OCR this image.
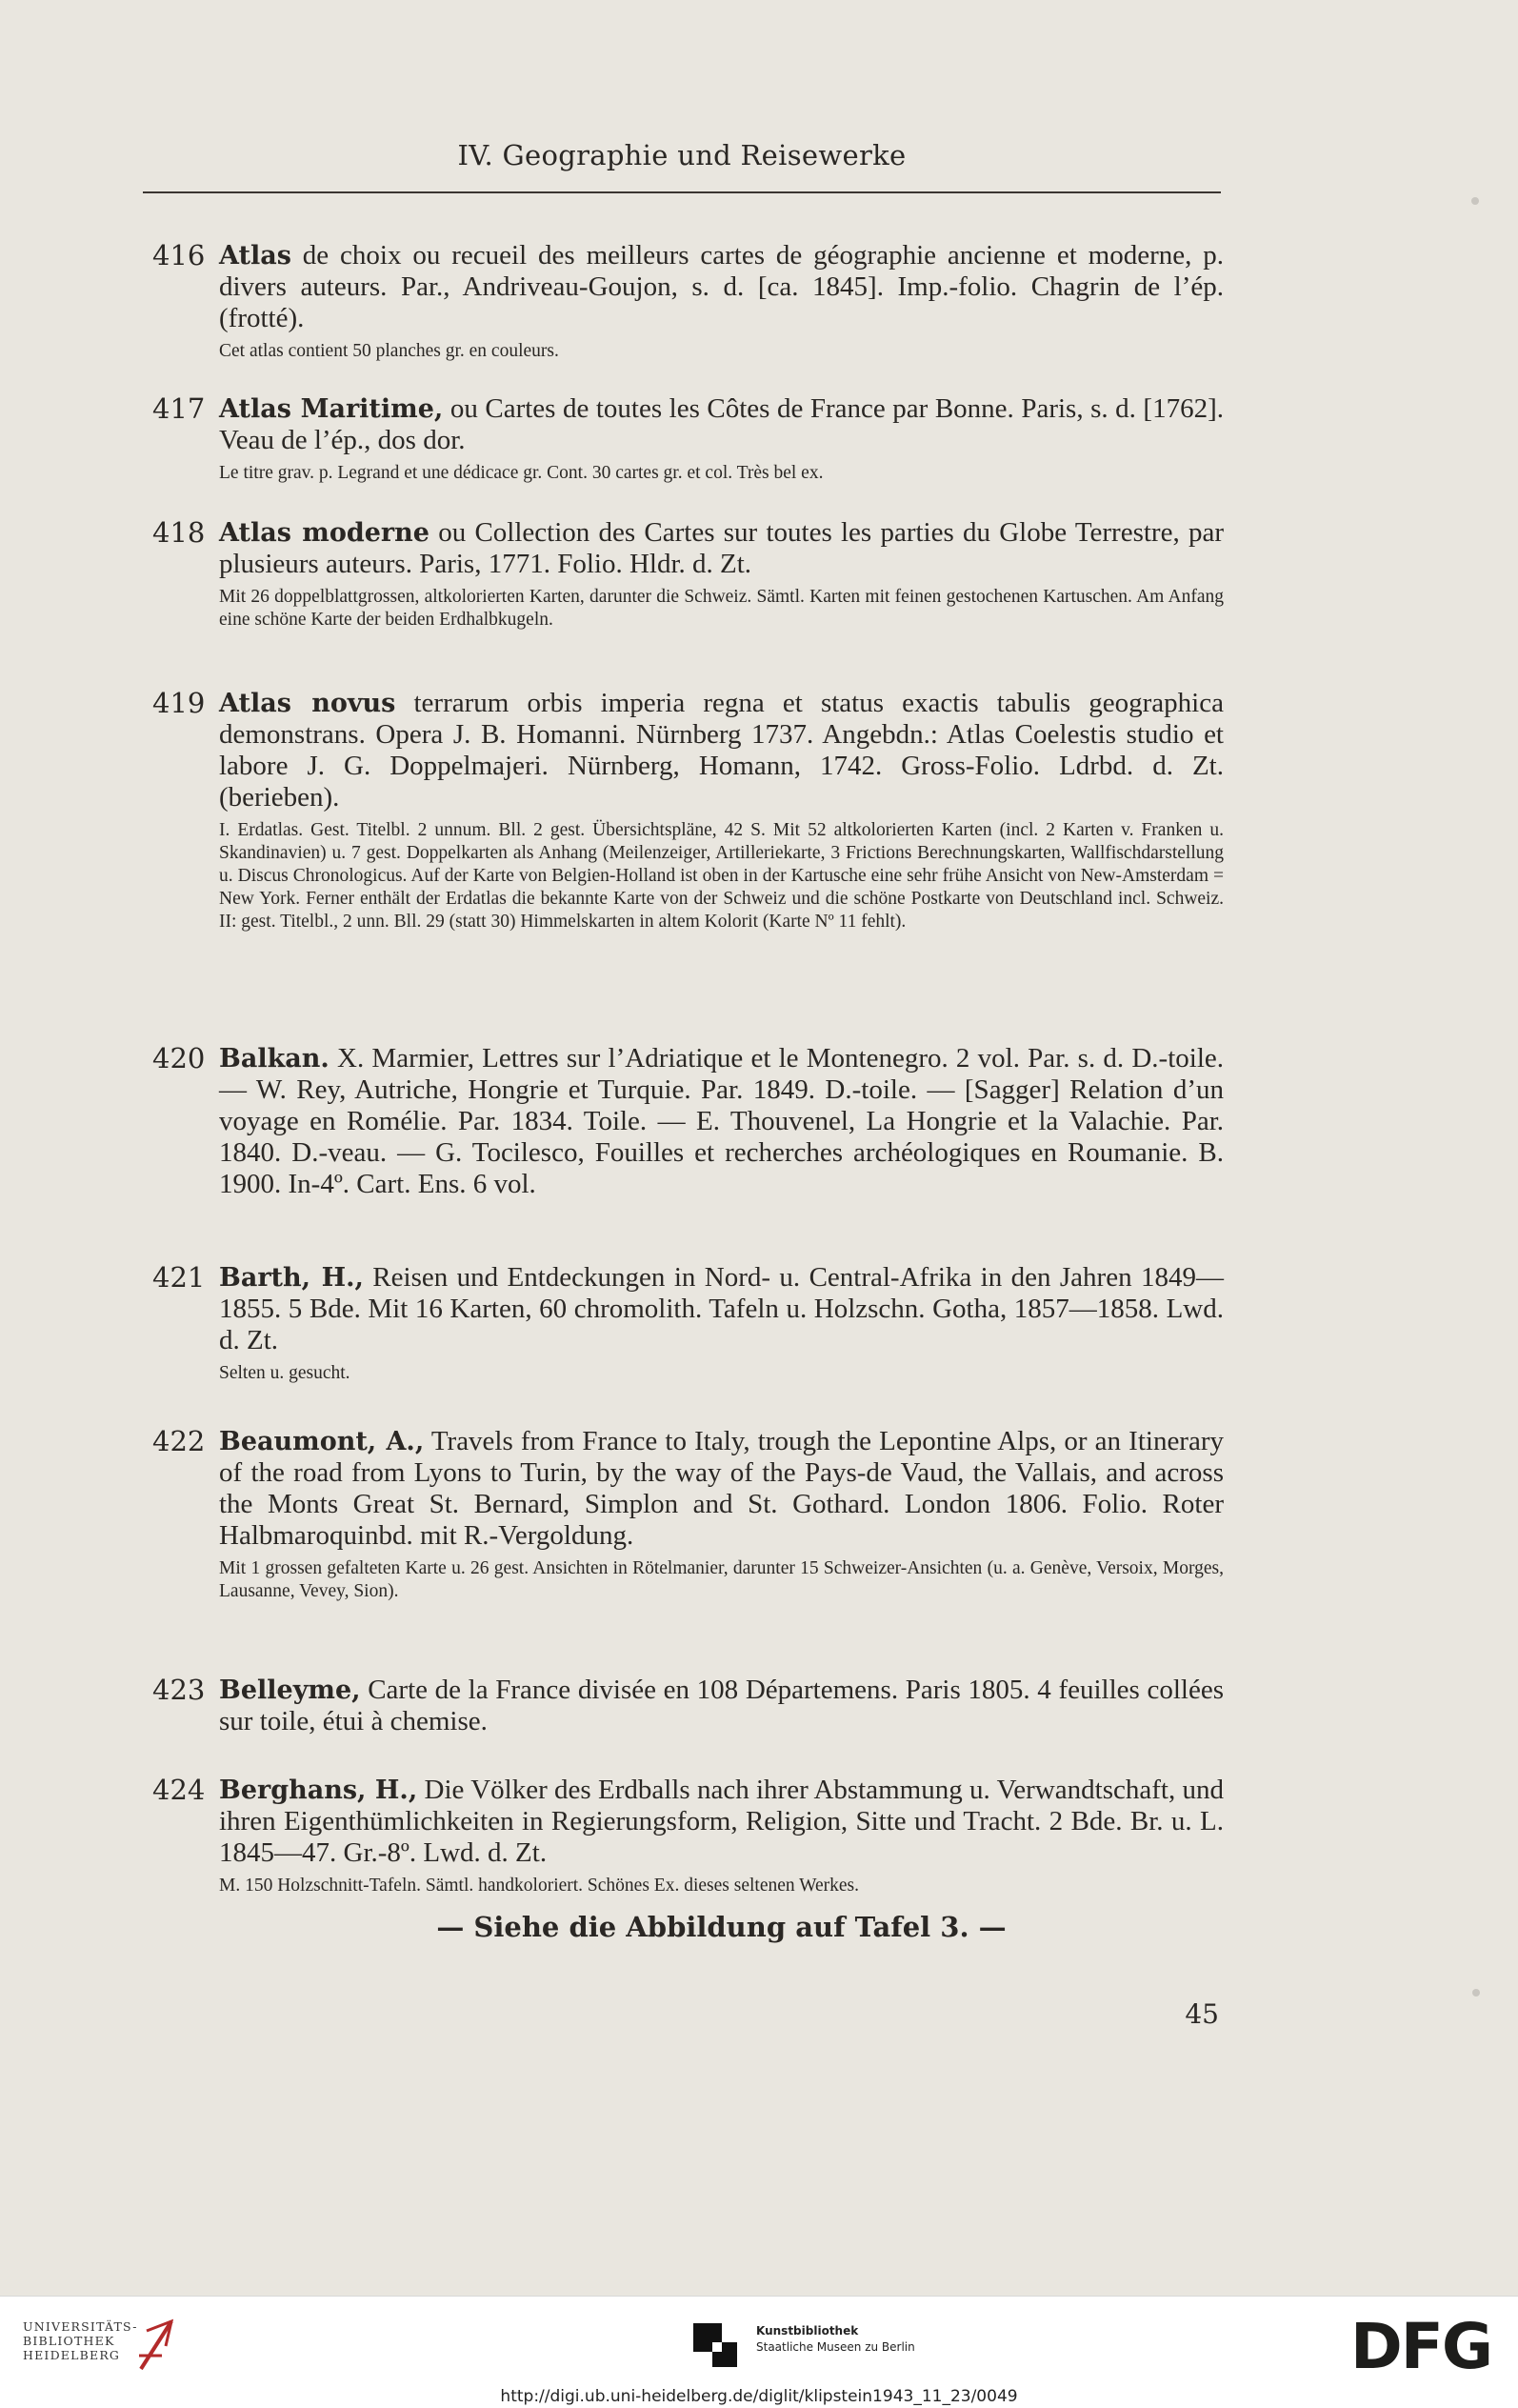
IV. Geographie und Reisewerke
416 Atlas de choix ou recueil des meilleurs cartes de géographie ancienne et moderne, p. divers auteurs. Par., Andriveau-Goujon, s. d. [ca. 1845]. Imp.-folio. Chagrin de l’ép. (frotté).
Cet atlas contient 50 planches gr. en couleurs.
417 Atlas Maritime, ou Cartes de toutes les Côtes de France par Bonne. Paris, s. d. [1762]. Veau de l’ép., dos dor.
Le titre grav. p. Legrand et une dédicace gr. Cont. 30 cartes gr. et col. Très bel ex.
418 Atlas moderne ou Collection des Cartes sur toutes les parties du Globe Terrestre, par plusieurs auteurs. Paris, 1771. Folio. Hldr. d. Zt.
Mit 26 doppelblattgrossen, altkolorierten Karten, darunter die Schweiz. Sämtl. Karten mit feinen gestochenen Kartuschen. Am Anfang eine schöne Karte der beiden Erdhalbkugeln.
419 Atlas novus terrarum orbis imperia regna et status exactis tabulis geographica demonstrans. Opera J. B. Homanni. Nürnberg 1737. Angebdn.: Atlas Coelestis studio et labore J. G. Doppelmajeri. Nürnberg, Homann, 1742. Gross-Folio. Ldrbd. d. Zt. (berieben).
I. Erdatlas. Gest. Titelbl. 2 unnum. Bll. 2 gest. Übersichtspläne, 42 S. Mit 52 altkolorierten Karten (incl. 2 Karten v. Franken u. Skandinavien) u. 7 gest. Doppelkarten als Anhang (Meilenzeiger, Artilleriekarte, 3 Frictions Berechnungskarten, Wallfischdarstellung u. Discus Chronologicus. Auf der Karte von Belgien-Holland ist oben in der Kartusche eine sehr frühe Ansicht von New-Amsterdam = New York. Ferner enthält der Erdatlas die bekannte Karte von der Schweiz und die schöne Postkarte von Deutschland incl. Schweiz. II: gest. Titelbl., 2 unn. Bll. 29 (statt 30) Himmelskarten in altem Kolorit (Karte Nº 11 fehlt).
420 Balkan. X. Marmier, Lettres sur l’Adriatique et le Montenegro. 2 vol. Par. s. d. D.-toile. — W. Rey, Autriche, Hongrie et Turquie. Par. 1849. D.-toile. — [Sagger] Relation d’un voyage en Romélie. Par. 1834. Toile. — E. Thouvenel, La Hongrie et la Valachie. Par. 1840. D.-veau. — G. Tocilesco, Fouilles et recherches archéologiques en Roumanie. B. 1900. In-4º. Cart. Ens. 6 vol.
421 Barth, H., Reisen und Entdeckungen in Nord- u. Central-Afrika in den Jahren 1849—1855. 5 Bde. Mit 16 Karten, 60 chromolith. Tafeln u. Holzschn. Gotha, 1857—1858. Lwd. d. Zt.
Selten u. gesucht.
422 Beaumont, A., Travels from France to Italy, trough the Lepontine Alps, or an Itinerary of the road from Lyons to Turin, by the way of the Pays-de Vaud, the Vallais, and across the Monts Great St. Bernard, Simplon and St. Gothard. London 1806. Folio. Roter Halbmaroquinbd. mit R.-Vergoldung.
Mit 1 grossen gefalteten Karte u. 26 gest. Ansichten in Rötelmanier, darunter 15 Schweizer-Ansichten (u. a. Genève, Versoix, Morges, Lausanne, Vevey, Sion).
423 Belleyme, Carte de la France divisée en 108 Départemens. Paris 1805. 4 feuilles collées sur toile, étui à chemise.
424 Berghans, H., Die Völker des Erdballs nach ihrer Abstammung u. Verwandtschaft, und ihren Eigenthümlichkeiten in Regierungsform, Religion, Sitte und Tracht. 2 Bde. Br. u. L. 1845—47. Gr.-8º. Lwd. d. Zt.
M. 150 Holzschnitt-Tafeln. Sämtl. handkoloriert. Schönes Ex. dieses seltenen Werkes.
— Siehe die Abbildung auf Tafel 3. —
45
UNIVERSITÄTS-
BIBLIOTHEK
HEIDELBERG
Kunstbibliothek
Staatliche Museen zu Berlin	DFG
http://digi.ub.uni-heidelberg.de/diglit/klipstein1943_11_23/0049
